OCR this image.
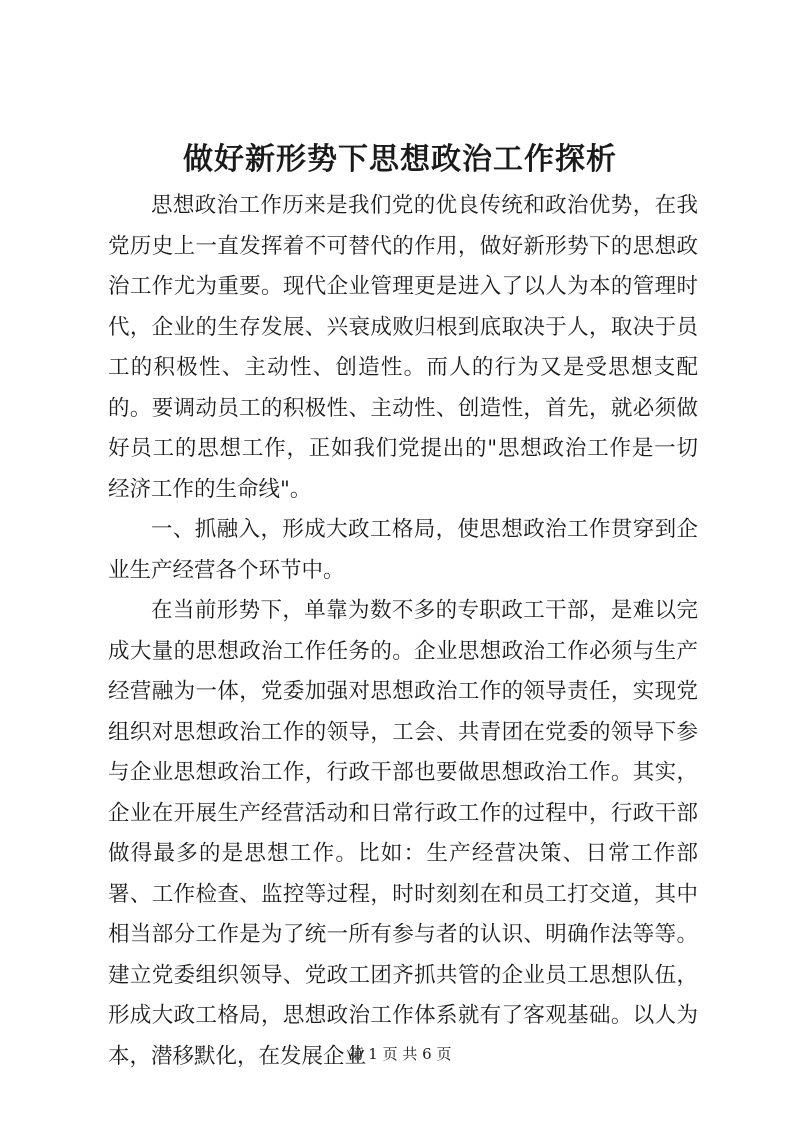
做好新形势下思想政治工作探析

思想政治工作历来是我们党的优良传统和政治优势，在我党历史上一直发挥着不可替代的作用，做好新形势下的思想政治工作尤为重要。现代企业管理更是进入了以人为本的管理时代，企业的生存发展、兴衰成败归根到底取决于人，取决于员工的积极性、主动性、创造性。而人的行为又是受思想支配的。要调动员工的积极性、主动性、创造性，首先，就必须做好员工的思想工作，正如我们党提出的"思想政治工作是一切经济工作的生命线"。

一、抓融入，形成大政工格局，使思想政治工作贯穿到企业生产经营各个环节中。

在当前形势下，单靠为数不多的专职政工干部，是难以完成大量的思想政治工作任务的。企业思想政治工作必须与生产经营融为一体，党委加强对思想政治工作的领导责任，实现党组织对思想政治工作的领导，工会、共青团在党委的领导下参与企业思想政治工作，行政干部也要做思想政治工作。其实，企业在开展生产经营活动和日常行政工作的过程中，行政干部做得最多的是思想工作。比如：生产经营决策、日常工作部署、工作检查、监控等过程，时时刻刻在和员工打交道，其中相当部分工作是为了统一所有参与者的认识、明确作法等等。建立党委组织领导、党政工团齐抓共管的企业员工思想队伍，形成大政工格局，思想政治工作体系就有了客观基础。以人为本，潜移默化，在发展企业

第 1 页 共 6 页
